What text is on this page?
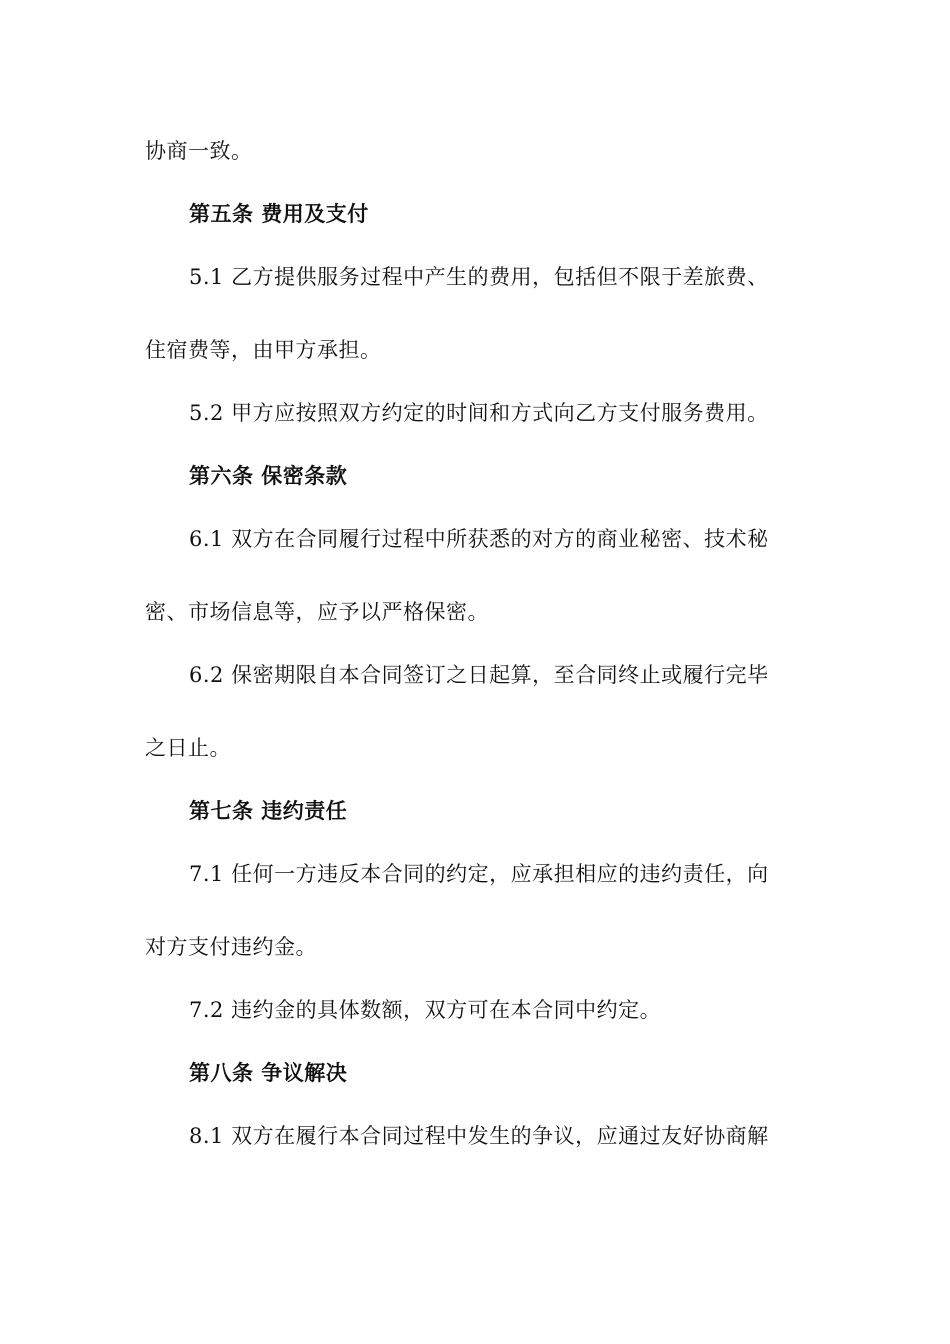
协商一致。
第五条 费用及支付
5.1 乙方提供服务过程中产生的费用，包括但不限于差旅费、
住宿费等，由甲方承担。
5.2 甲方应按照双方约定的时间和方式向乙方支付服务费用。
第六条 保密条款
6.1 双方在合同履行过程中所获悉的对方的商业秘密、技术秘
密、市场信息等，应予以严格保密。
6.2 保密期限自本合同签订之日起算，至合同终止或履行完毕
之日止。
第七条 违约责任
7.1 任何一方违反本合同的约定，应承担相应的违约责任，向
对方支付违约金。
7.2 违约金的具体数额，双方可在本合同中约定。
第八条 争议解决
8.1 双方在履行本合同过程中发生的争议，应通过友好协商解
